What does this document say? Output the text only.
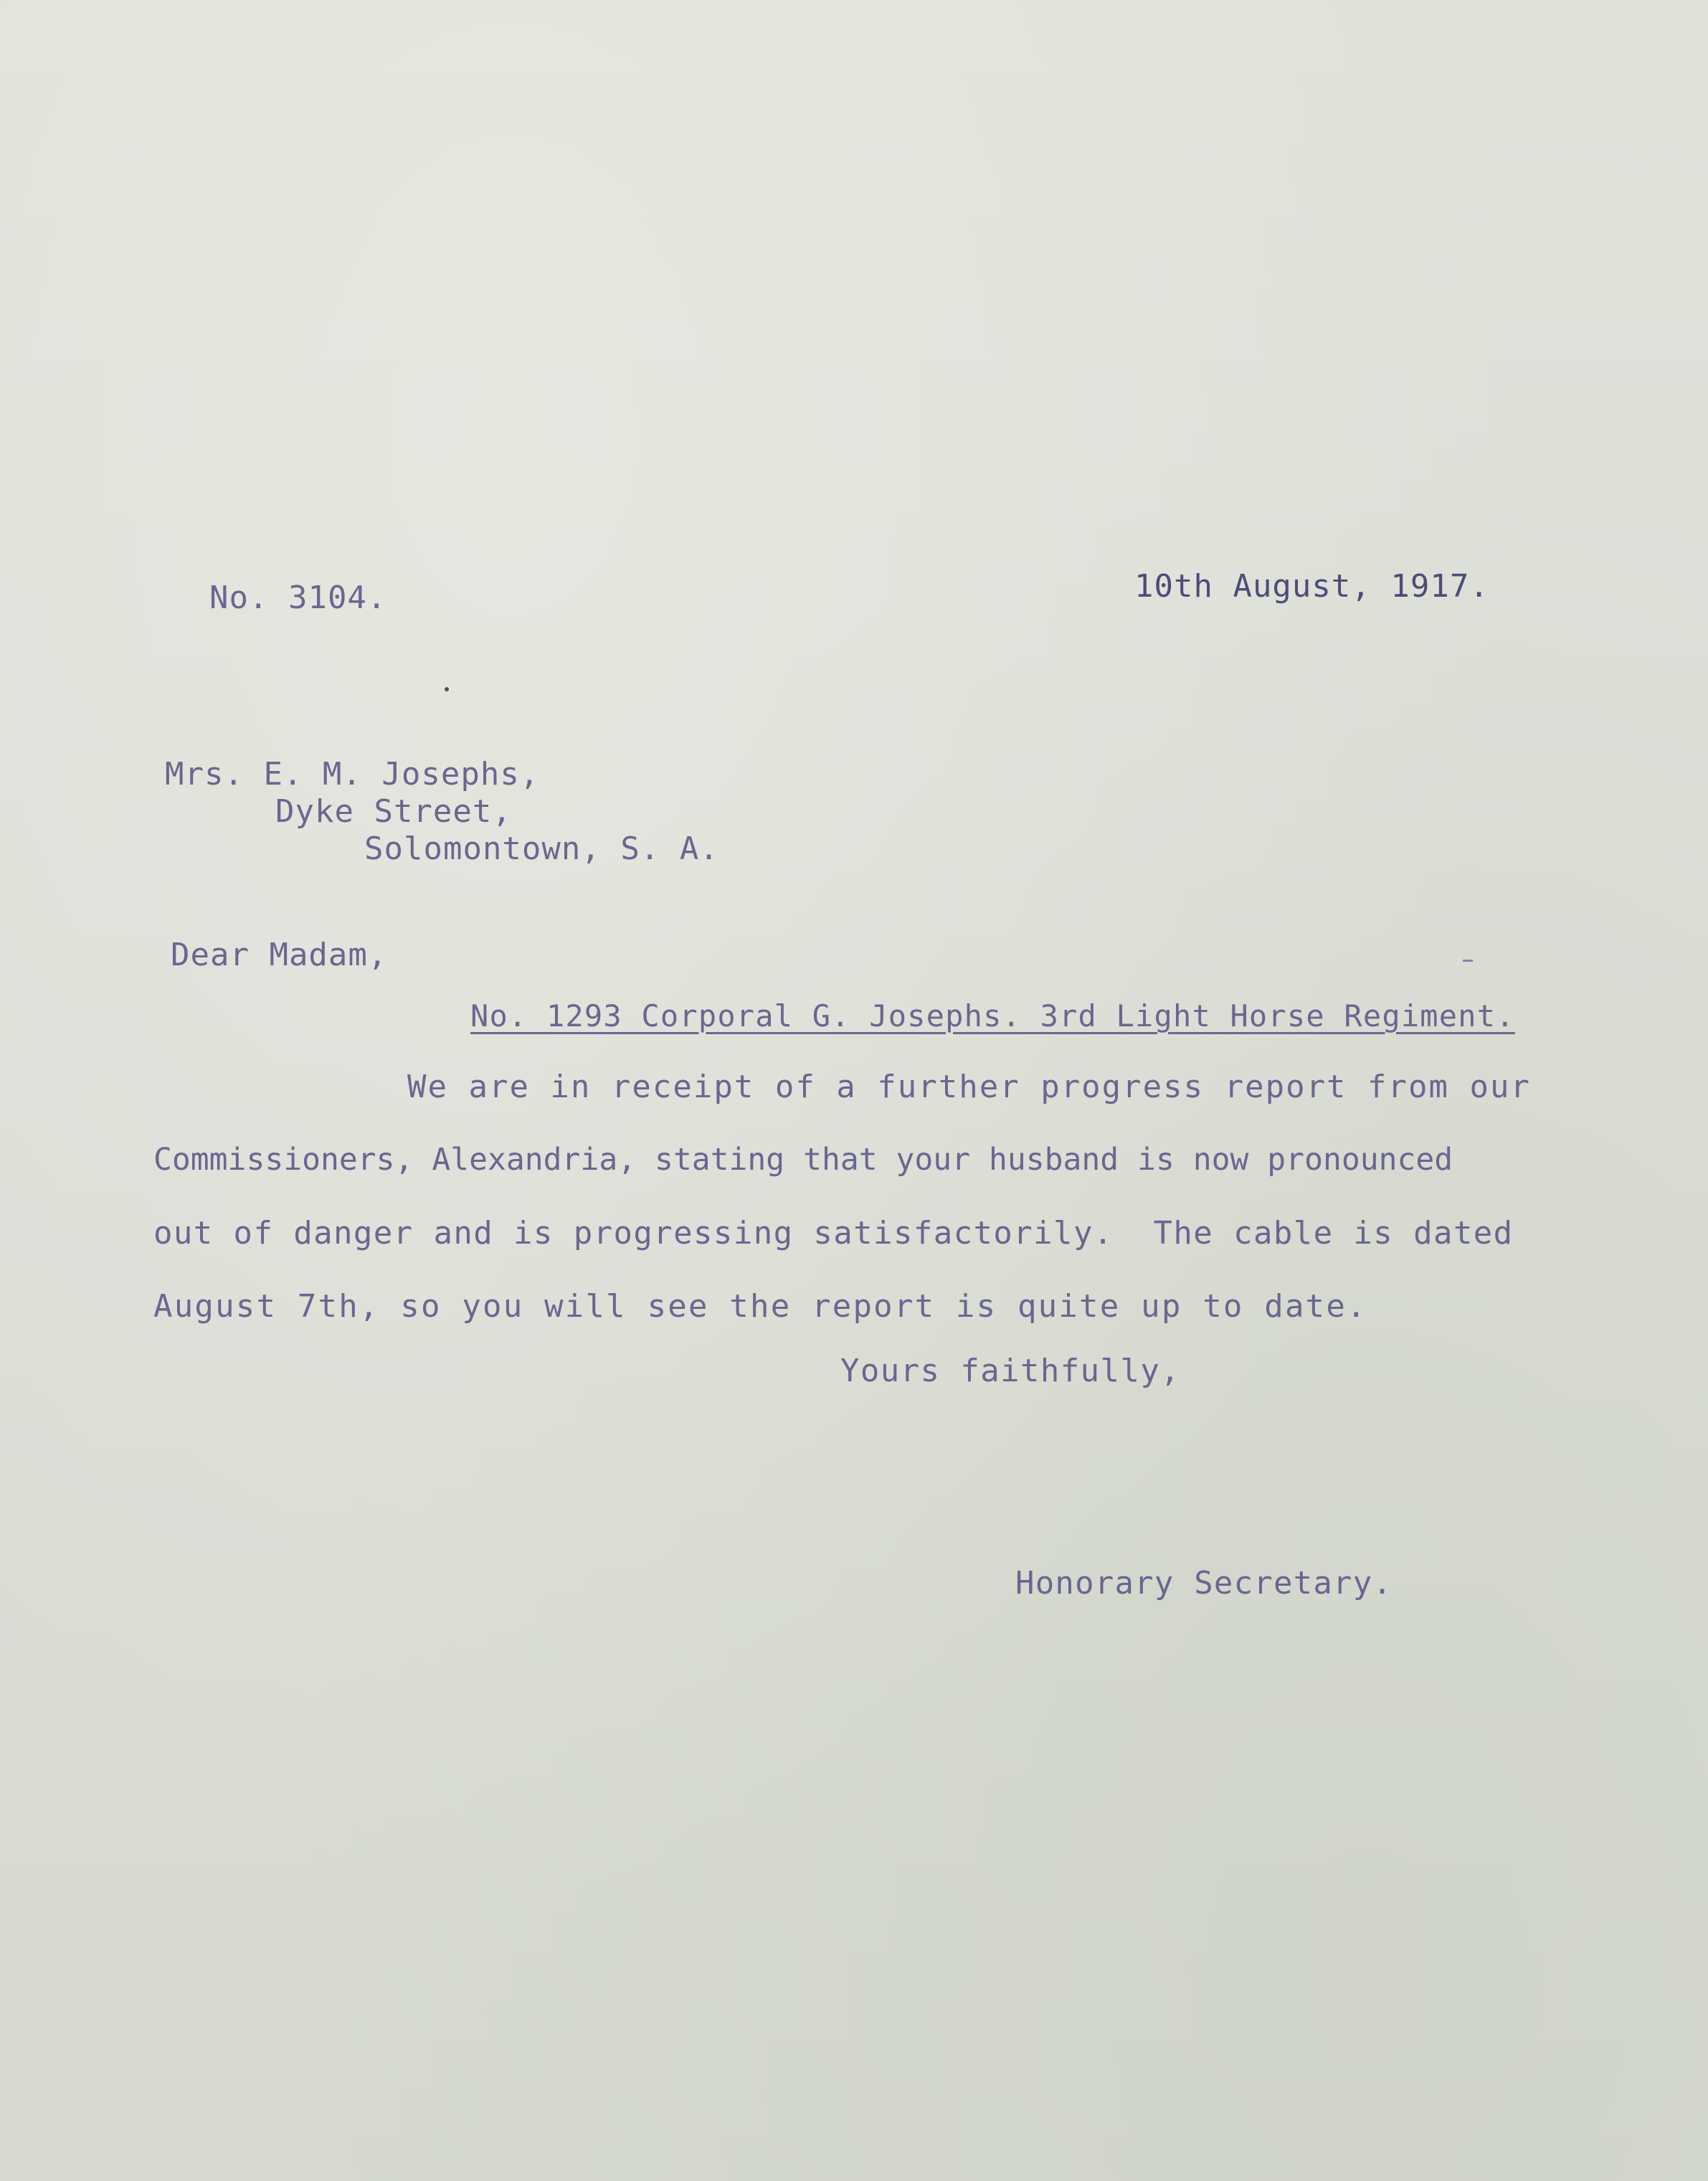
No. 3104.	10th August, 1917.
Mrs. E. M. Josephs,
Dyke Street,
Solomontown, S. A.
Dear Madam,
No. 1293 Corporal G. Josephs. 3rd Light Horse Regiment.
We are in receipt of a further progress report from our
Commissioners, Alexandria, stating that your husband is now pronounced
out of danger and is progressing satisfactorily.  The cable is dated
August 7th, so you will see the report is quite up to date.
Yours faithfully,
Honorary Secretary.
